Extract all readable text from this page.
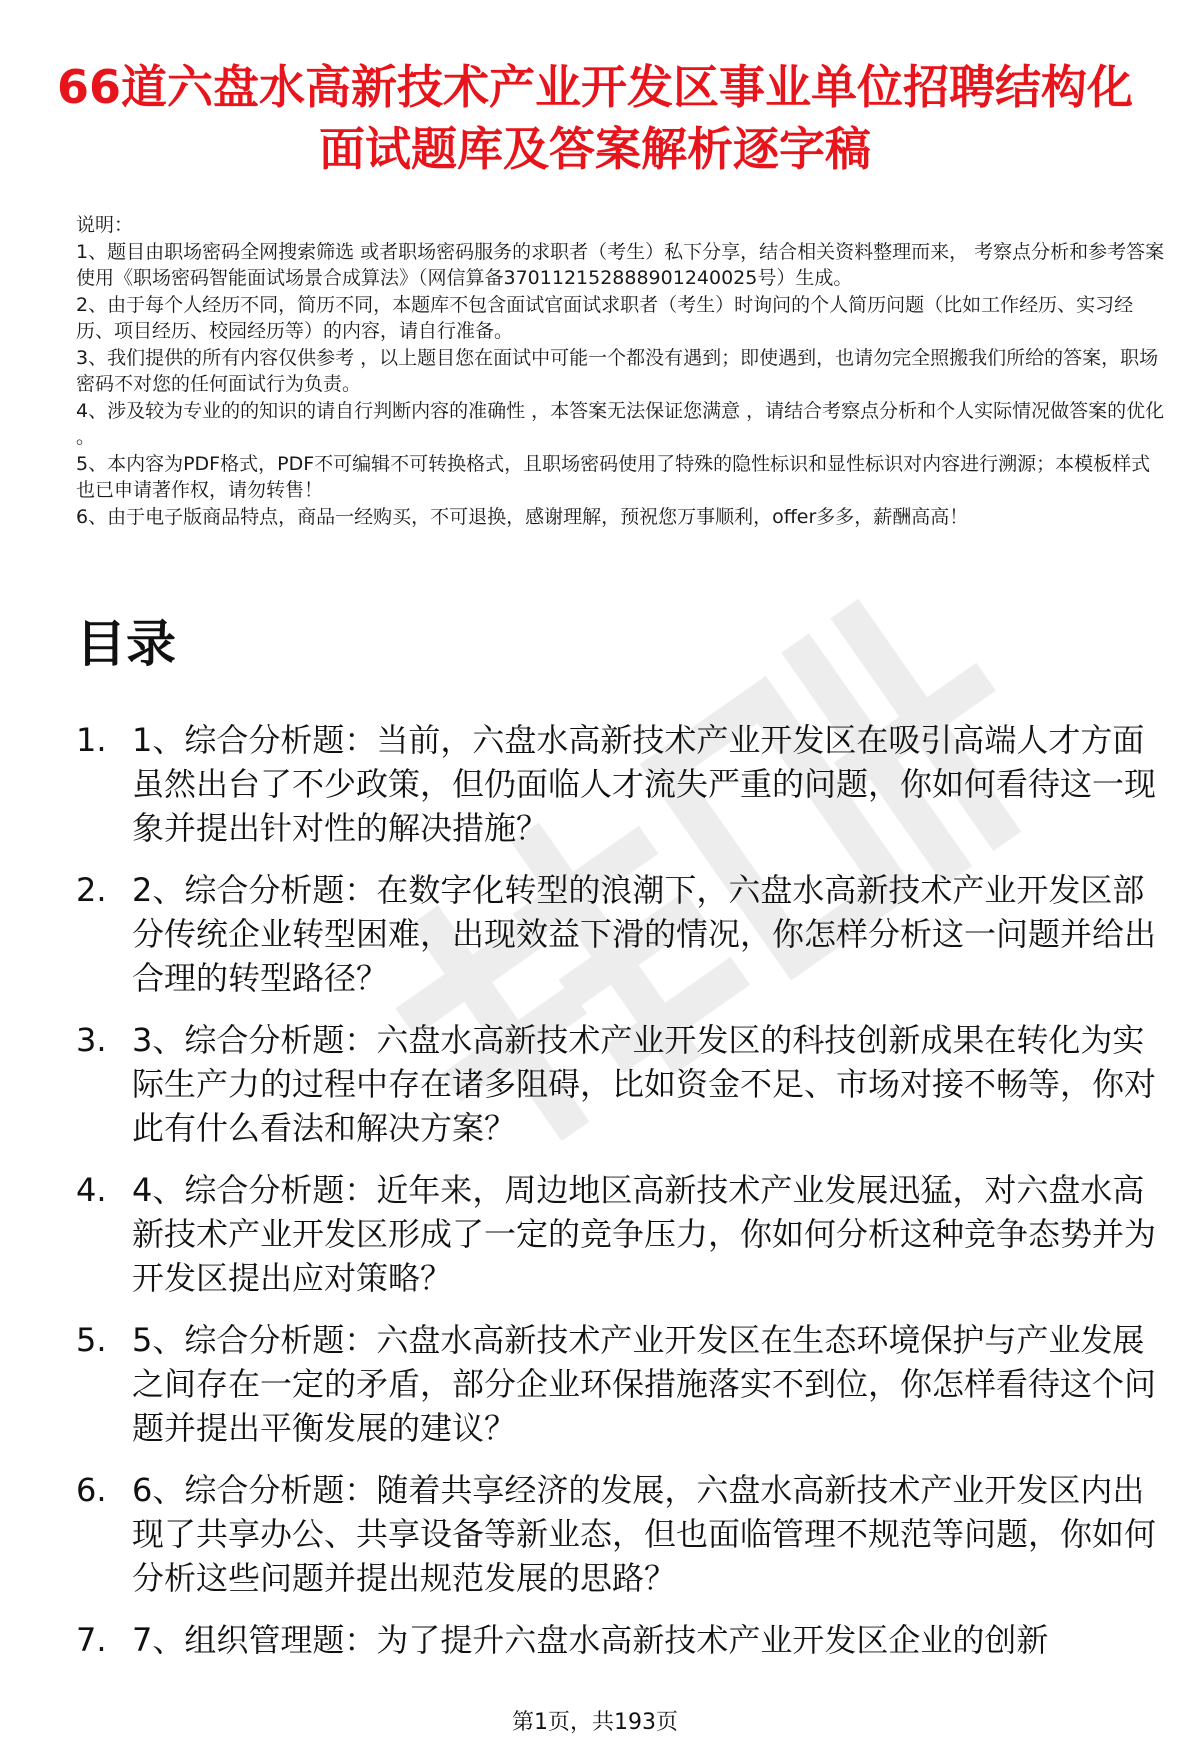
66道六盘水高新技术产业开发区事业单位招聘结构化面试题库及答案解析逐字稿

说明：

1、题目由职场密码全网搜索筛选 或者职场密码服务的求职者（考生）私下分享，结合相关资料整理而来， 考察点分析和参考答案使用《职场密码智能面试场景合成算法》（网信算备370112152888901240025号）生成。

2、由于每个人经历不同，简历不同，本题库不包含面试官面试求职者（考生）时询问的个人简历问题（比如工作经历、实习经历、项目经历、校园经历等）的内容，请自行准备。

3、我们提供的所有内容仅供参考 ，以上题目您在面试中可能一个都没有遇到；即使遇到，也请勿完全照搬我们所给的答案，职场密码不对您的任何面试行为负责。

4、涉及较为专业的的知识的请自行判断内容的准确性 ，本答案无法保证您满意 ，请结合考察点分析和个人实际情况做答案的优化 。

5、本内容为PDF格式，PDF不可编辑不可转换格式，且职场密码使用了特殊的隐性标识和显性标识对内容进行溯源；本模板样式也已申请著作权，请勿转售！

6、由于电子版商品特点，商品一经购买，不可退换，感谢理解，预祝您万事顺利，offer多多，薪酬高高！

目录
1. 1、综合分析题：当前，六盘水高新技术产业开发区在吸引高端人才方面虽然出台了不少政策，但仍面临人才流失严重的问题，你如何看待这一现象并提出针对性的解决措施？
2. 2、综合分析题：在数字化转型的浪潮下，六盘水高新技术产业开发区部分传统企业转型困难，出现效益下滑的情况，你怎样分析这一问题并给出合理的转型路径？
3. 3、综合分析题：六盘水高新技术产业开发区的科技创新成果在转化为实际生产力的过程中存在诸多阻碍，比如资金不足、市场对接不畅等，你对此有什么看法和解决方案？
4. 4、综合分析题：近年来，周边地区高新技术产业发展迅猛，对六盘水高新技术产业开发区形成了一定的竞争压力，你如何分析这种竞争态势并为开发区提出应对策略？
5. 5、综合分析题：六盘水高新技术产业开发区在生态环境保护与产业发展之间存在一定的矛盾，部分企业环保措施落实不到位，你怎样看待这个问题并提出平衡发展的建议？
6. 6、综合分析题：随着共享经济的发展，六盘水高新技术产业开发区内出现了共享办公、共享设备等新业态，但也面临管理不规范等问题，你如何分析这些问题并提出规范发展的思路？
7. 7、组织管理题：为了提升六盘水高新技术产业开发区企业的创新
第1页，共193页
